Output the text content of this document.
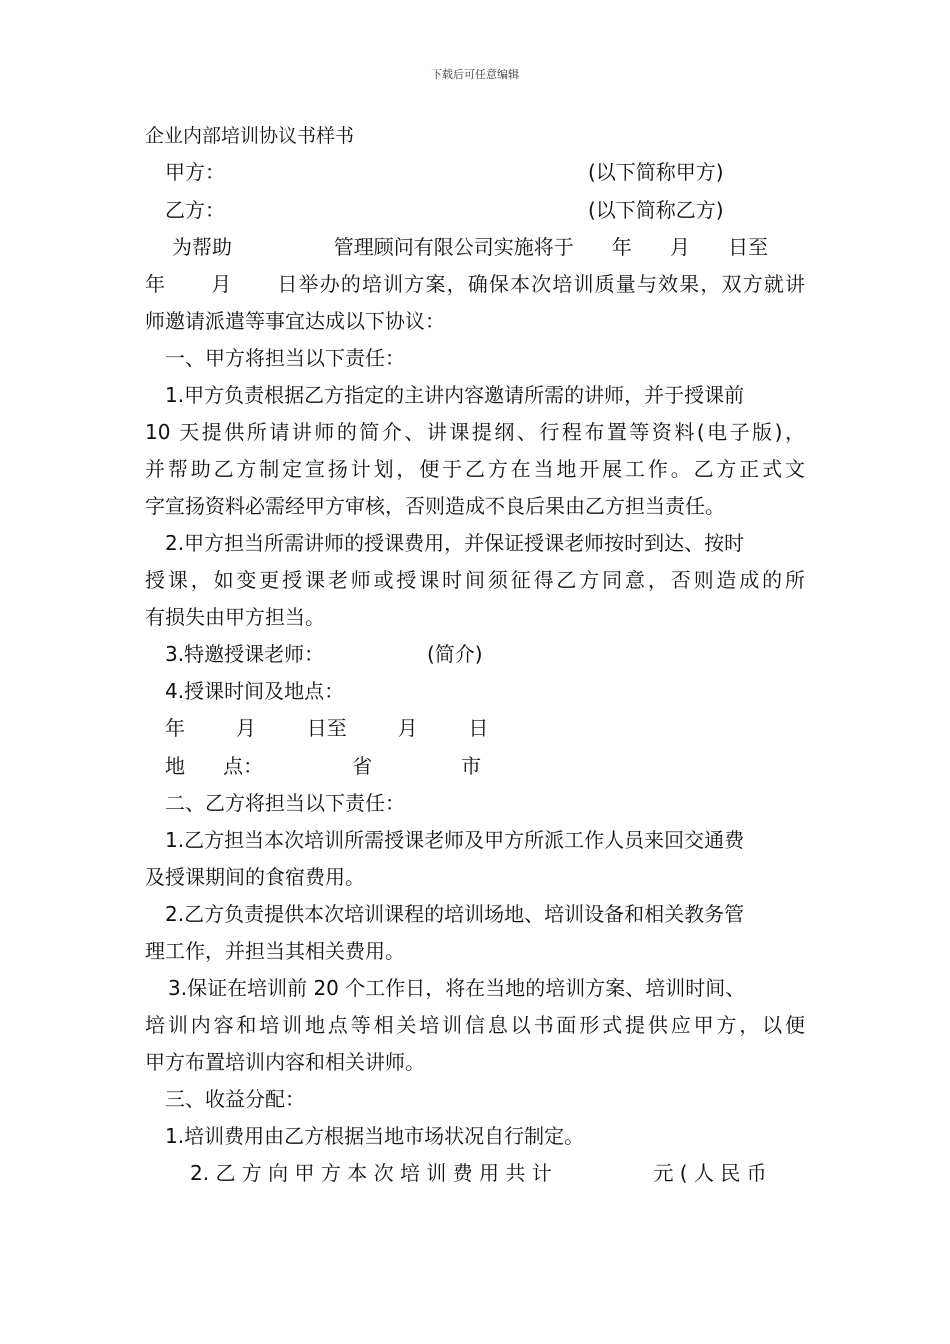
下载后可任意编辑
企业内部培训协议书样书
甲方：	(以下简称甲方)
乙方：	(以下简称乙方)
为帮助                管理顾问有限公司实施将于      年      月      日至
年      月      日举办的培训方案，确保本次培训质量与效果，双方就讲
师邀请派遣等事宜达成以下协议：
一、甲方将担当以下责任：
1.甲方负责根据乙方指定的主讲内容邀请所需的讲师，并于授课前
10 天提供所请讲师的简介、讲课提纲、行程布置等资料(电子版)，
并帮助乙方制定宣扬计划，便于乙方在当地开展工作。乙方正式文
字宣扬资料必需经甲方审核，否则造成不良后果由乙方担当责任。
2.甲方担当所需讲师的授课费用，并保证授课老师按时到达、按时
授课，如变更授课老师或授课时间须征得乙方同意，否则造成的所
有损失由甲方担当。
3.特邀授课老师：	(简介)
4.授课时间及地点：
年        月        日至        月        日
地      点：              省              市
二、乙方将担当以下责任：
1.乙方担当本次培训所需授课老师及甲方所派工作人员来回交通费
及授课期间的食宿费用。
2.乙方负责提供本次培训课程的培训场地、培训设备和相关教务管
理工作，并担当其相关费用。
3.保证在培训前 20 个工作日，将在当地的培训方案、培训时间、
培训内容和培训地点等相关培训信息以书面形式提供应甲方，以便
甲方布置培训内容和相关讲师。
三、收益分配：
1.培训费用由乙方根据当地市场状况自行制定。
2. 乙 方 向 甲 方 本 次 培 训 费 用 共 计                元 ( 人 民 币
